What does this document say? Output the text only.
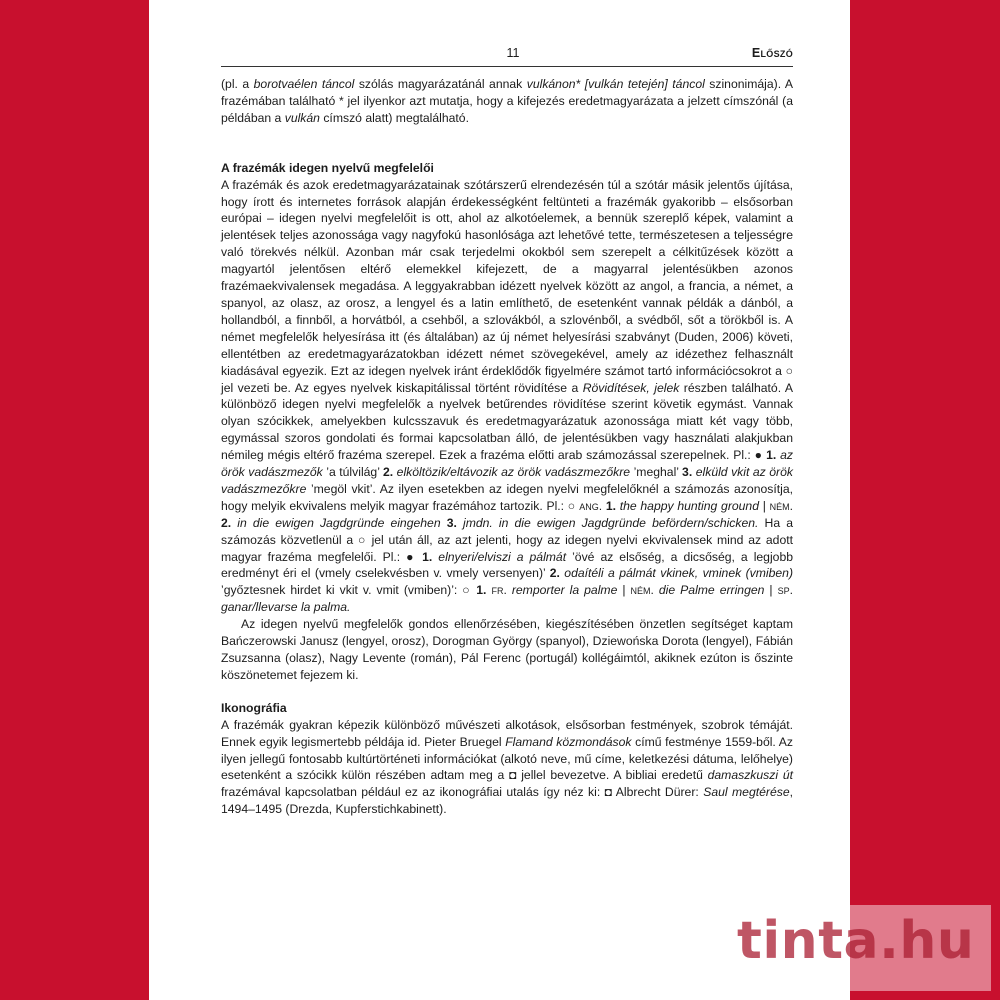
11	Előszó

(pl. a borotvaélen táncol szólás magyarázatánál annak vulkánon* [vulkán tetején] táncol szinonimája). A frazémában található * jel ilyenkor azt mutatja, hogy a kifejezés eredetmagyarázata a jelzett címszónál (a példában a vulkán címszó alatt) megtalálható.

A frazémák idegen nyelvű megfelelői

A frazémák és azok eredetmagyarázatainak szótárszerű elrendezésén túl a szótár másik jelentős újítása, hogy írott és internetes források alapján érdekességként feltünteti a frazémák gyakoribb – elsősorban európai – idegen nyelvi megfelelőit is ott, ahol az alkotóelemek, a bennük szereplő képek, valamint a jelentések teljes azonossága vagy nagyfokú hasonlósága azt lehetővé tette, természetesen a teljességre való törekvés nélkül. Azonban már csak terjedelmi okokból sem szerepelt a célkitűzések között a magyartól jelentősen eltérő elemekkel kifejezett, de a magyarral jelentésükben azonos frazémaekvivalensek megadása. A leggyakrabban idézett nyelvek között az angol, a francia, a német, a spanyol, az olasz, az orosz, a lengyel és a latin említhető, de esetenként vannak példák a dánból, a hollandból, a finnből, a horvátból, a csehből, a szlovákból, a szlovénből, a svédből, sőt a törökből is. A német megfelelők helyesírása itt (és általában) az új német helyesírási szabványt (Duden, 2006) követi, ellentétben az eredetmagyarázatokban idézett német szövegekével, amely az idézethez felhasznált kiadásával egyezik. Ezt az idegen nyelvek iránt érdeklődők figyelmére számot tartó információcsokrot a ○ jel vezeti be. Az egyes nyelvek kiskapitálissal történt rövidítése a Rövidítések, jelek részben található. A különböző idegen nyelvi megfelelők a nyelvek betűrendes rövidítése szerint követik egymást. Vannak olyan szócikkek, amelyekben kulcsszavuk és eredetmagyarázatuk azonossága miatt két vagy több, egymással szoros gondolati és formai kapcsolatban álló, de jelentésükben vagy használati alakjukban némileg mégis eltérő frazéma szerepel. Ezek a frazéma előtti arab számozással szerepelnek. Pl.: ● 1. az örök vadászmezők ’a túlvilág’ 2. elköltözik/eltávozik az örök vadászmezőkre ’meghal’ 3. elküld vkit az örök vadászmezőkre ’megöl vkit’. Az ilyen esetekben az idegen nyelvi megfelelőknél a számozás azonosítja, hogy melyik ekvivalens melyik magyar frazémához tartozik. Pl.: ○ ang. 1. the happy hunting ground | ném. 2. in die ewigen Jagdgründe eingehen 3. jmdn. in die ewigen Jagdgründe befördern/schicken. Ha a számozás közvetlenül a ○ jel után áll, az azt jelenti, hogy az idegen nyelvi ekvivalensek mind az adott magyar frazéma megfelelői. Pl.: ● 1. elnyeri/elviszi a pálmát ’övé az elsőség, a dicsőség, a legjobb eredményt éri el (vmely cselekvésben v. vmely versenyen)’ 2. odaítéli a pálmát vkinek, vminek (vmiben) ’győztesnek hirdet ki vkit v. vmit (vmiben)’: ○ 1. fr. remporter la palme | ném. die Palme erringen | sp. ganar/llevarse la palma.

Az idegen nyelvű megfelelők gondos ellenőrzésében, kiegészítésében önzetlen segítséget kaptam Bańczerowski Janusz (lengyel, orosz), Dorogman György (spanyol), Dziewońska Dorota (lengyel), Fábián Zsuzsanna (olasz), Nagy Levente (román), Pál Ferenc (portugál) kollégáimtól, akiknek ezúton is őszinte köszönetemet fejezem ki.

Ikonográfia

A frazémák gyakran képezik különböző művészeti alkotások, elsősorban festmények, szobrok témáját. Ennek egyik legismertebb példája id. Pieter Bruegel Flamand közmondások című festménye 1559-ből. Az ilyen jellegű fontosabb kultúrtörténeti információkat (alkotó neve, mű címe, keletkezési dátuma, lelőhelye) esetenként a szócikk külön részében adtam meg a ◘ jellel bevezetve. A bibliai eredetű damaszkuszi út frazémával kapcsolatban például ez az ikonográfiai utalás így néz ki: ◘ Albrecht Dürer: Saul megtérése, 1494–1495 (Drezda, Kupferstichkabinett).

tinta.hu
